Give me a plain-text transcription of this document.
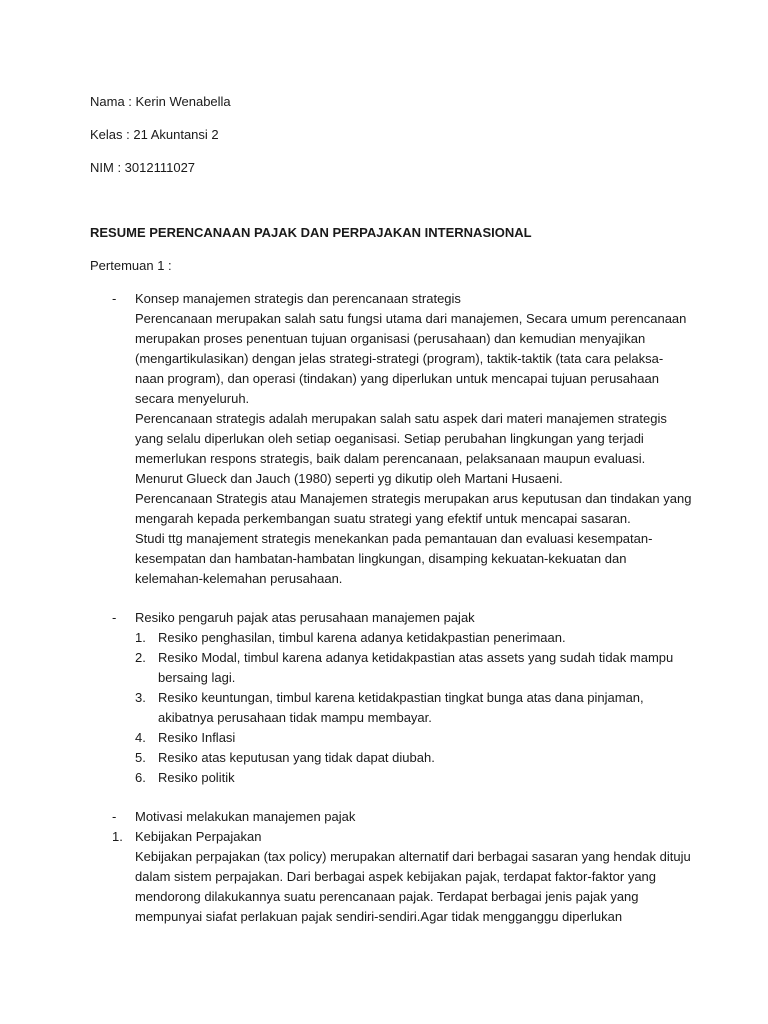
Nama : Kerin Wenabella
Kelas : 21 Akuntansi 2
NIM : 3012111027
RESUME PERENCANAAN PAJAK DAN PERPAJAKAN INTERNASIONAL
Pertemuan 1 :
- Konsep manajemen strategis dan perencanaan strategis
Perencanaan merupakan salah satu fungsi utama dari manajemen, Secara umum perencanaan
merupakan proses penentuan tujuan organisasi (perusahaan) dan kemudian menyajikan
(mengartikulasikan) dengan jelas strategi-strategi (program), taktik-taktik (tata cara pelaksa-
naan program), dan operasi (tindakan) yang diperlukan untuk mencapai tujuan perusahaan
secara menyeluruh.
Perencanaan strategis adalah merupakan salah satu aspek dari materi manajemen strategis
yang selalu diperlukan oleh setiap oeganisasi. Setiap perubahan lingkungan yang terjadi
memerlukan respons strategis, baik dalam perencanaan, pelaksanaan maupun evaluasi.
Menurut Glueck dan Jauch (1980) seperti yg dikutip oleh Martani Husaeni.
Perencanaan Strategis atau Manajemen strategis merupakan arus keputusan dan tindakan yang
mengarah kepada perkembangan suatu strategi yang efektif untuk mencapai sasaran.
Studi ttg manajement strategis menekankan pada pemantauan dan evaluasi kesempatan-
kesempatan dan hambatan-hambatan lingkungan, disamping kekuatan-kekuatan dan
kelemahan-kelemahan perusahaan.
- Resiko pengaruh pajak atas perusahaan manajemen pajak
1. Resiko penghasilan, timbul karena adanya ketidakpastian penerimaan.
2. Resiko Modal, timbul karena adanya ketidakpastian atas assets yang sudah tidak mampu
bersaing lagi.
3. Resiko keuntungan, timbul karena ketidakpastian tingkat bunga atas dana pinjaman,
akibatnya perusahaan tidak mampu membayar.
4. Resiko Inflasi
5. Resiko atas keputusan yang tidak dapat diubah.
6. Resiko politik
- Motivasi melakukan manajemen pajak
1. Kebijakan Perpajakan
Kebijakan perpajakan (tax policy) merupakan alternatif dari berbagai sasaran yang hendak dituju
dalam sistem perpajakan. Dari berbagai aspek kebijakan pajak, terdapat faktor-faktor yang
mendorong dilakukannya suatu perencanaan pajak. Terdapat berbagai jenis pajak yang
mempunyai siafat perlakuan pajak sendiri-sendiri.Agar tidak mengganggu diperlukan
